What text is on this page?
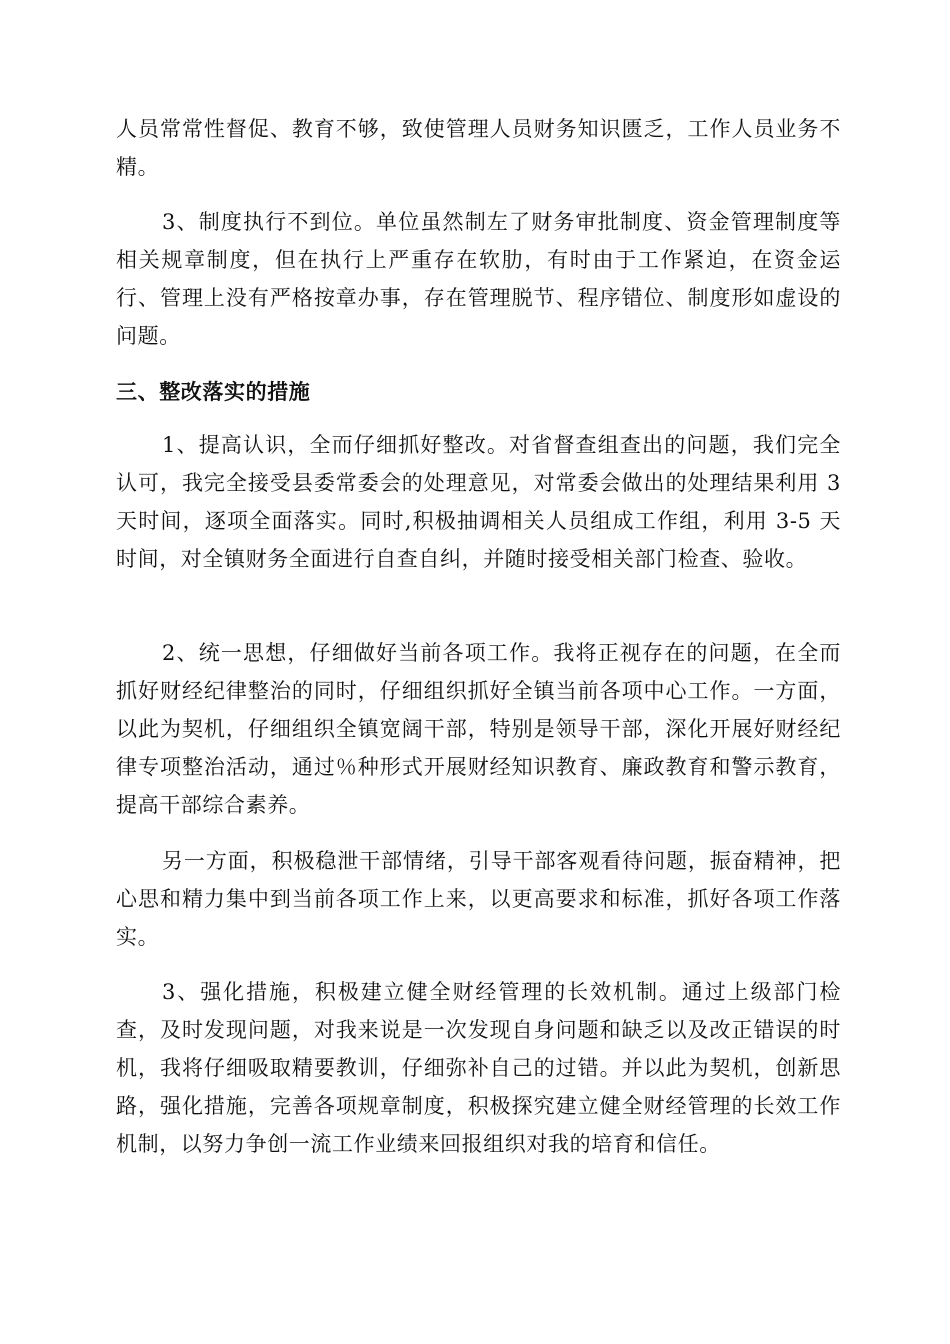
人员常常性督促、教育不够，致使管理人员财务知识匮乏，工作人员业务不精。

3、制度执行不到位。单位虽然制左了财务审批制度、资金管理制度等相关规章制度，但在执行上严重存在软肋，有时由于工作紧迫，在资金运行、管理上没有严格按章办事，存在管理脱节、程序错位、制度形如虚设的问题。

三、整改落实的措施

1、提高认识，全而仔细抓好整改。对省督查组查出的问题，我们完全认可，我完全接受县委常委会的处理意见，对常委会做出的处理结果利用 3 天时间，逐项全面落实。同时,积极抽调相关人员组成工作组，利用 3-5 天时间，对全镇财务全面进行自查自纠，并随时接受相关部门检查、验收。

2、统一思想，仔细做好当前各项工作。我将正视存在的问题，在全而抓好财经纪律整治的同时，仔细组织抓好全镇当前各项中心工作。一方面，以此为契机，仔细组织全镇宽阔干部，特别是领导干部，深化开展好财经纪律专项整治活动，通过％种形式开展财经知识教育、廉政教育和警示教育，提高干部综合素养。

另一方面，积极稳泄干部情绪，引导干部客观看待问题，振奋精神，把心思和精力集中到当前各项工作上来，以更高要求和标准，抓好各项工作落实。

3、强化措施，积极建立健全财经管理的长效机制。通过上级部门检查，及时发现问题，对我来说是一次发现自身问题和缺乏以及改正错误的时机，我将仔细吸取精要教训，仔细弥补自己的过错。并以此为契机，创新思路，强化措施，完善各项规章制度，积极探究建立健全财经管理的长效工作机制，以努力争创一流工作业绩来回报组织对我的培育和信任。
